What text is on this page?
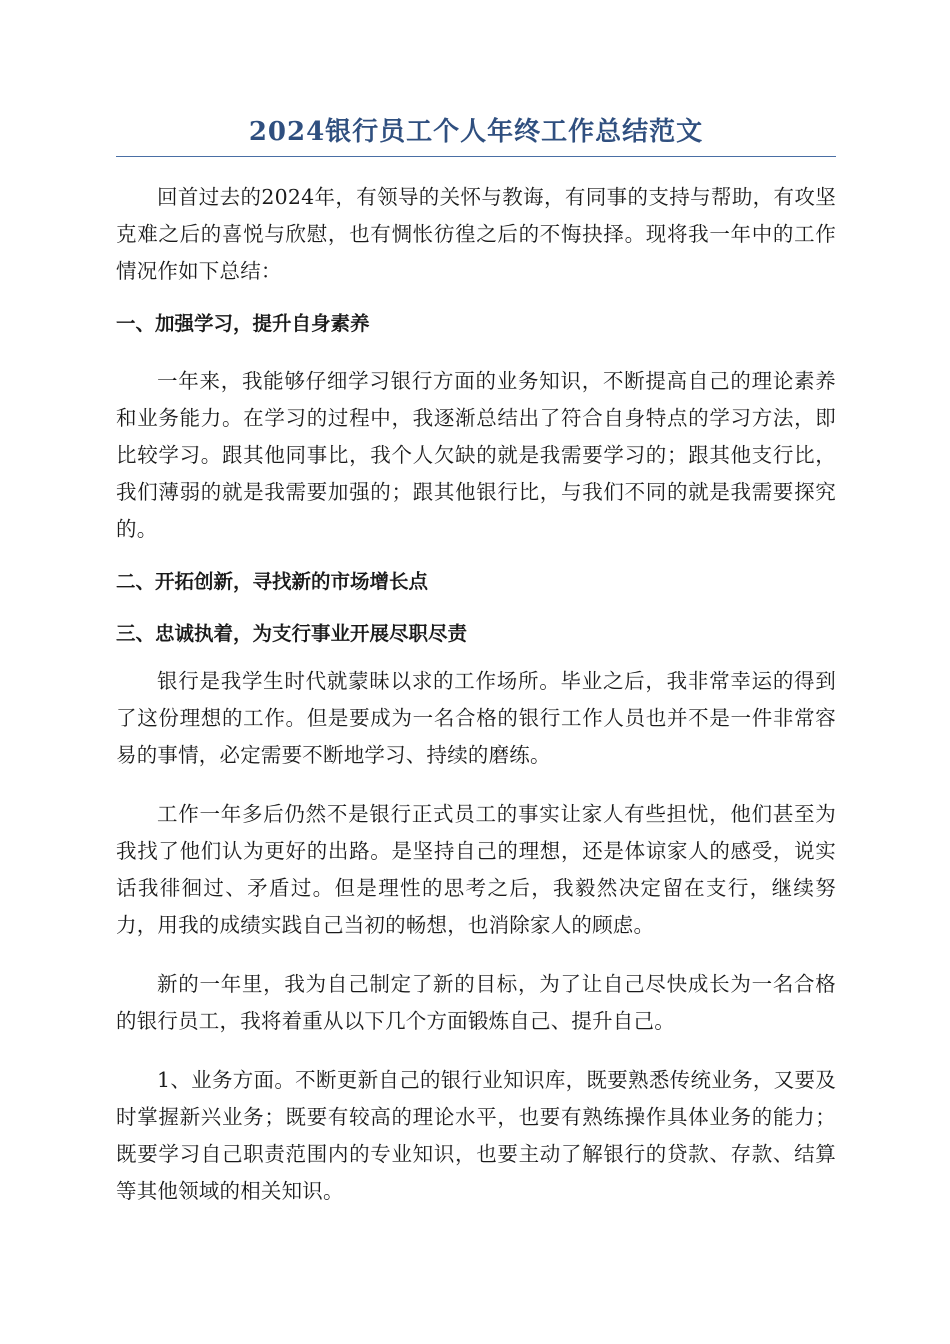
2024银行员工个人年终工作总结范文

回首过去的2024年，有领导的关怀与教诲，有同事的支持与帮助，有攻坚克难之后的喜悦与欣慰，也有惆怅彷徨之后的不悔抉择。现将我一年中的工作情况作如下总结：

一、加强学习，提升自身素养

一年来，我能够仔细学习银行方面的业务知识，不断提高自己的理论素养和业务能力。在学习的过程中，我逐渐总结出了符合自身特点的学习方法，即比较学习。跟其他同事比，我个人欠缺的就是我需要学习的；跟其他支行比，我们薄弱的就是我需要加强的；跟其他银行比，与我们不同的就是我需要探究的。

二、开拓创新，寻找新的市场增长点
三、忠诚执着，为支行事业开展尽职尽责

银行是我学生时代就蒙昧以求的工作场所。毕业之后，我非常幸运的得到了这份理想的工作。但是要成为一名合格的银行工作人员也并不是一件非常容易的事情，必定需要不断地学习、持续的磨练。

工作一年多后仍然不是银行正式员工的事实让家人有些担忧，他们甚至为我找了他们认为更好的出路。是坚持自己的理想，还是体谅家人的感受，说实话我徘徊过、矛盾过。但是理性的思考之后，我毅然决定留在支行，继续努力，用我的成绩实践自己当初的畅想，也消除家人的顾虑。

新的一年里，我为自己制定了新的目标，为了让自己尽快成长为一名合格的银行员工，我将着重从以下几个方面锻炼自己、提升自己。

1、业务方面。不断更新自己的银行业知识库，既要熟悉传统业务，又要及时掌握新兴业务；既要有较高的理论水平，也要有熟练操作具体业务的能力；既要学习自己职责范围内的专业知识，也要主动了解银行的贷款、存款、结算等其他领域的相关知识。
